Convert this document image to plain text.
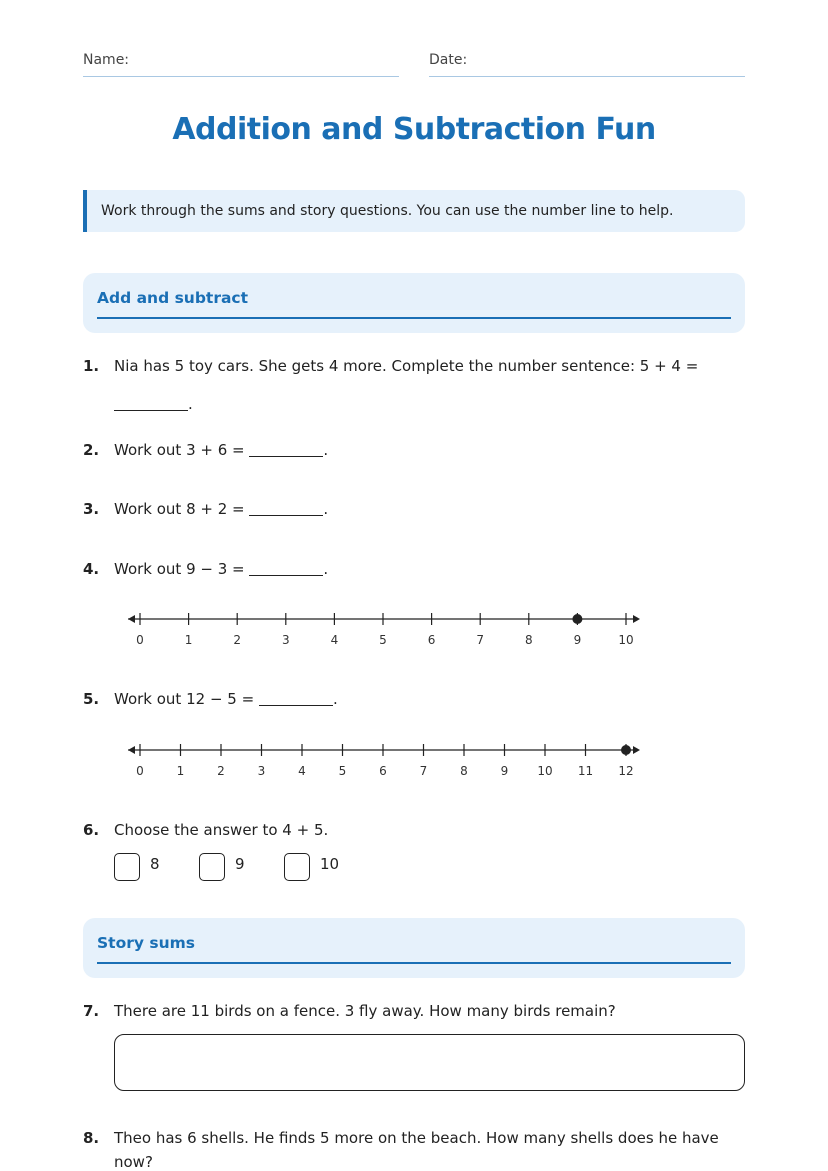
Name:	Date:
Addition and Subtraction Fun
Work through the sums and story questions. You can use the number line to help.
Add and subtract
1. Nia has 5 toy cars. She gets 4 more. Complete the number sentence: 5 + 4 = .
2. Work out 3 + 6 =	.
3. Work out 8 + 2 =	.
4. Work out 9 − 3 =	.
0	1	2	3	4	5	6	7	8	9	10
5. Work out 12 − 5 =	.
0	1	2	3	4	5	6	7	8	9 10 11 12
6. Choose the answer to 4 + 5.
8	9	10
Story sums
7. There are 11 birds on a fence. 3 fly away. How many birds remain?
8. Theo has 6 shells. He finds 5 more on the beach. How many shells does he have now?
